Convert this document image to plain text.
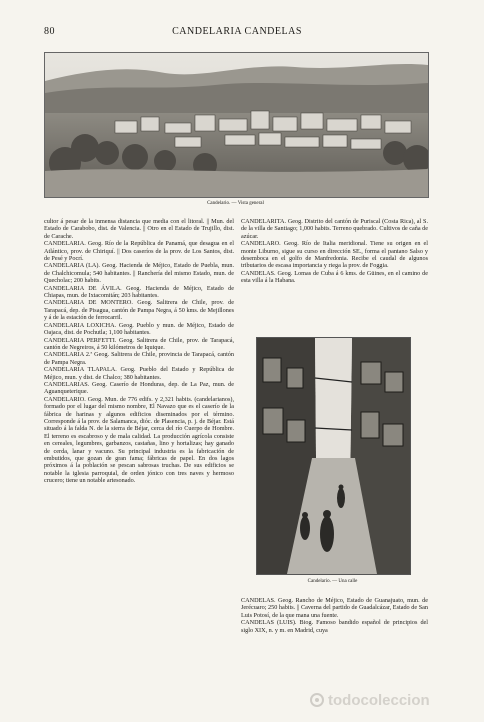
80	CANDELARIA CANDELAS
Candelario. — Vista general

cultor á pesar de la inmensa distancia que media con el litoral. || Mun. del Estado de Carabobo, dist. de Valencia. || Otro en el Estado de Trujillo, dist. de Carache.

CANDELARIA. Geog. Río de la República de Panamá, que desagua en el Atlántico, prov. de Chiriquí. || Dos caseríos de la prov. de Los Santos, dist. de Pesé y Pocrí.

CANDELARIA (LA). Geog. Hacienda de Méjico, Estado de Puebla, mun. de Chalchicomula; 540 habitantes. || Ranchería del mismo Estado, mun. de Quecholac; 200 habits.

CANDELARIA DE ÁVILA. Geog. Hacienda de Méjico, Estado de Chiapas, mun. de Ixtacomitán; 203 habitantes.

CANDELARIA DE MONTERO. Geog. Salitrera de Chile, prov. de Tarapacá, dep. de Pisagua, cantón de Pampa Negra, á 50 kms. de Mejillones y á de la estación de ferrocarril.

CANDELARIA LOXICHA. Geog. Pueblo y mun. de Méjico, Estado de Oajaca, dist. de Pochutla; 1,100 habitantes.

CANDELARIA PERFETTI. Geog. Salitrera de Chile, prov. de Tarapacá, cantón de Negreiros, á 50 kilómetros de Iquique.

CANDELARIA 2.ª Geog. Salitrera de Chile, provincia de Tarapacá, cantón de Pampa Negra.

CANDELARIA TLAPALA. Geog. Pueblo del Estado y República de Méjico, mun. y dist. de Chalco; 380 habitantes.

CANDELARIAS. Geog. Caserío de Honduras, dep. de La Paz, mun. de Aguanqueterique.

CANDELARIO. Geog. Mun. de 776 edifs. y 2,321 habits. (candelarianos), formado por el lugar del mismo nombre, El Navazo que es el caserío de la fábrica de harinas y algunos edificios diseminados por el término. Corresponde á la prov. de Salamanca, dióc. de Plasencia, p. j. de Béjar. Está situado á la falda N. de la sierra de Béjar, cerca del río Cuerpo de Hombre. El terreno es escabroso y de mala calidad. La producción agrícola consiste en cereales, legumbres, garbanzos, castañas, lino y hortalizas; hay ganado de cerda, lanar y vacuno. Su principal industria es la fabricación de embutidos, que gozan de gran fama; fábricas de papel. En dos lagos próximos á la población se pescan sabrosas truchas. De sus edificios se notable la iglesia parroquial, de orden jónico con tres naves y hermoso crucero; tiene un notable artesonado.

CANDELARITA. Geog. Distrito del cantón de Puriscal (Costa Rica), al S. de la villa de Santiago; 1,000 habits. Terreno quebrado. Cultivos de caña de azúcar.

CANDELARO. Geog. Río de Italia meridional. Tiene su origen en el monte Liburno, sigue su curso en dirección SE., forma el pantano Salso y desemboca en el golfo de Manfredonia. Recibe el caudal de algunos tributarios de escasa importancia y riega la prov. de Foggia.

CANDELAS. Geog. Lomas de Cuba á 6 kms. de Güines, en el camino de esta villa á la Habana.

Candelario. — Una calle

CANDELAS. Geog. Rancho de Méjico, Estado de Guanajuato, mun. de Jerécuaro; 250 habits. || Caverna del partido de Guadalcázar, Estado de San Luis Potosí, de la que mana una fuente.

CANDELAS (LUIS). Biog. Famoso bandido español de principios del siglo XIX, n. y m. en Madrid, cuya

todocoleccion
